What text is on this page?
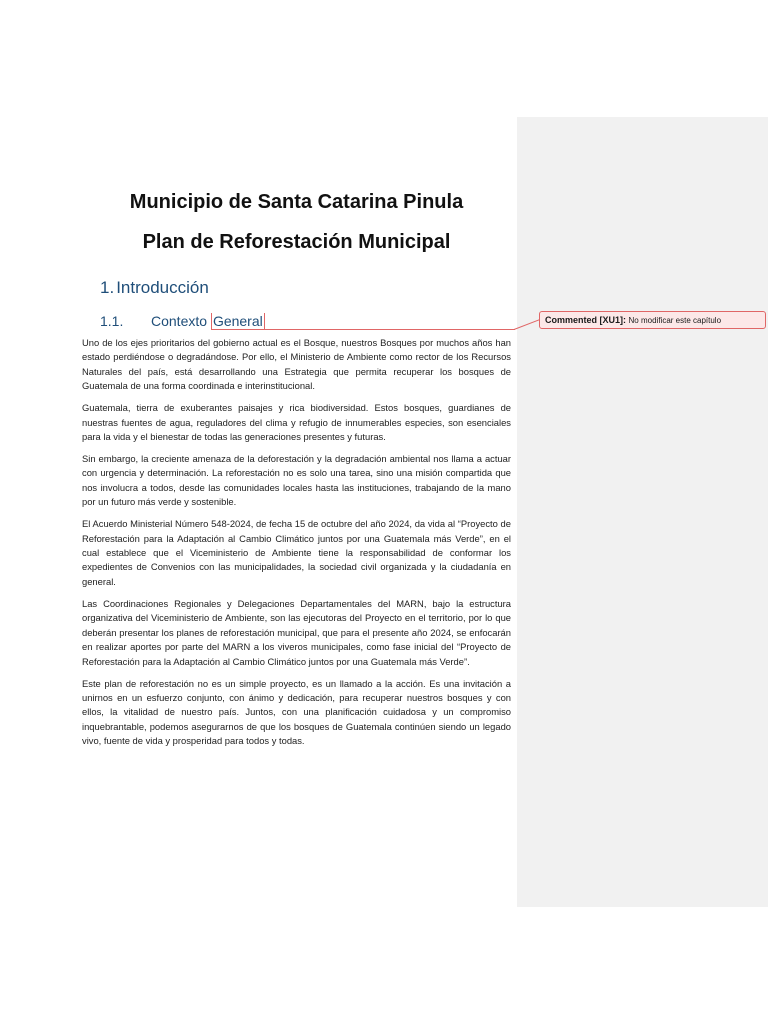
Commented [XU1]: No modificar este capítulo
Municipio de Santa Catarina Pinula
Plan de Reforestación Municipal
1. Introducción
1.1. Contexto General

Uno de los ejes prioritarios del gobierno actual es el Bosque, nuestros Bosques por muchos años han estado perdiéndose o degradándose. Por ello, el Ministerio de Ambiente como rector de los Recursos Naturales del país, está desarrollando una Estrategia que permita recuperar los bosques de Guatemala de una forma coordinada e interinstitucional.

Guatemala, tierra de exuberantes paisajes y rica biodiversidad. Estos bosques, guardianes de nuestras fuentes de agua, reguladores del clima y refugio de innumerables especies, son esenciales para la vida y el bienestar de todas las generaciones presentes y futuras.

Sin embargo, la creciente amenaza de la deforestación y la degradación ambiental nos llama a actuar con urgencia y determinación. La reforestación no es solo una tarea, sino una misión compartida que nos involucra a todos, desde las comunidades locales hasta las instituciones, trabajando de la mano por un futuro más verde y sostenible.

El Acuerdo Ministerial Número 548-2024, de fecha 15 de octubre del año 2024, da vida al “Proyecto de Reforestación para la Adaptación al Cambio Climático juntos por una Guatemala más Verde”, en el cual establece que el Viceministerio de Ambiente tiene la responsabilidad de conformar los expedientes de Convenios con las municipalidades, la sociedad civil organizada y la ciudadanía en general.

Las Coordinaciones Regionales y Delegaciones Departamentales del MARN, bajo la estructura organizativa del Viceministerio de Ambiente, son las ejecutoras del Proyecto en el territorio, por lo que deberán presentar los planes de reforestación municipal, que para el presente año 2024, se enfocarán en realizar aportes por parte del MARN a los viveros municipales, como fase inicial del “Proyecto de Reforestación para la Adaptación al Cambio Climático juntos por una Guatemala más Verde”.

Este plan de reforestación no es un simple proyecto, es un llamado a la acción. Es una invitación a unirnos en un esfuerzo conjunto, con ánimo y dedicación, para recuperar nuestros bosques y con ellos, la vitalidad de nuestro país. Juntos, con una planificación cuidadosa y un compromiso inquebrantable, podemos asegurarnos de que los bosques de Guatemala continúen siendo un legado vivo, fuente de vida y prosperidad para todos y todas.
